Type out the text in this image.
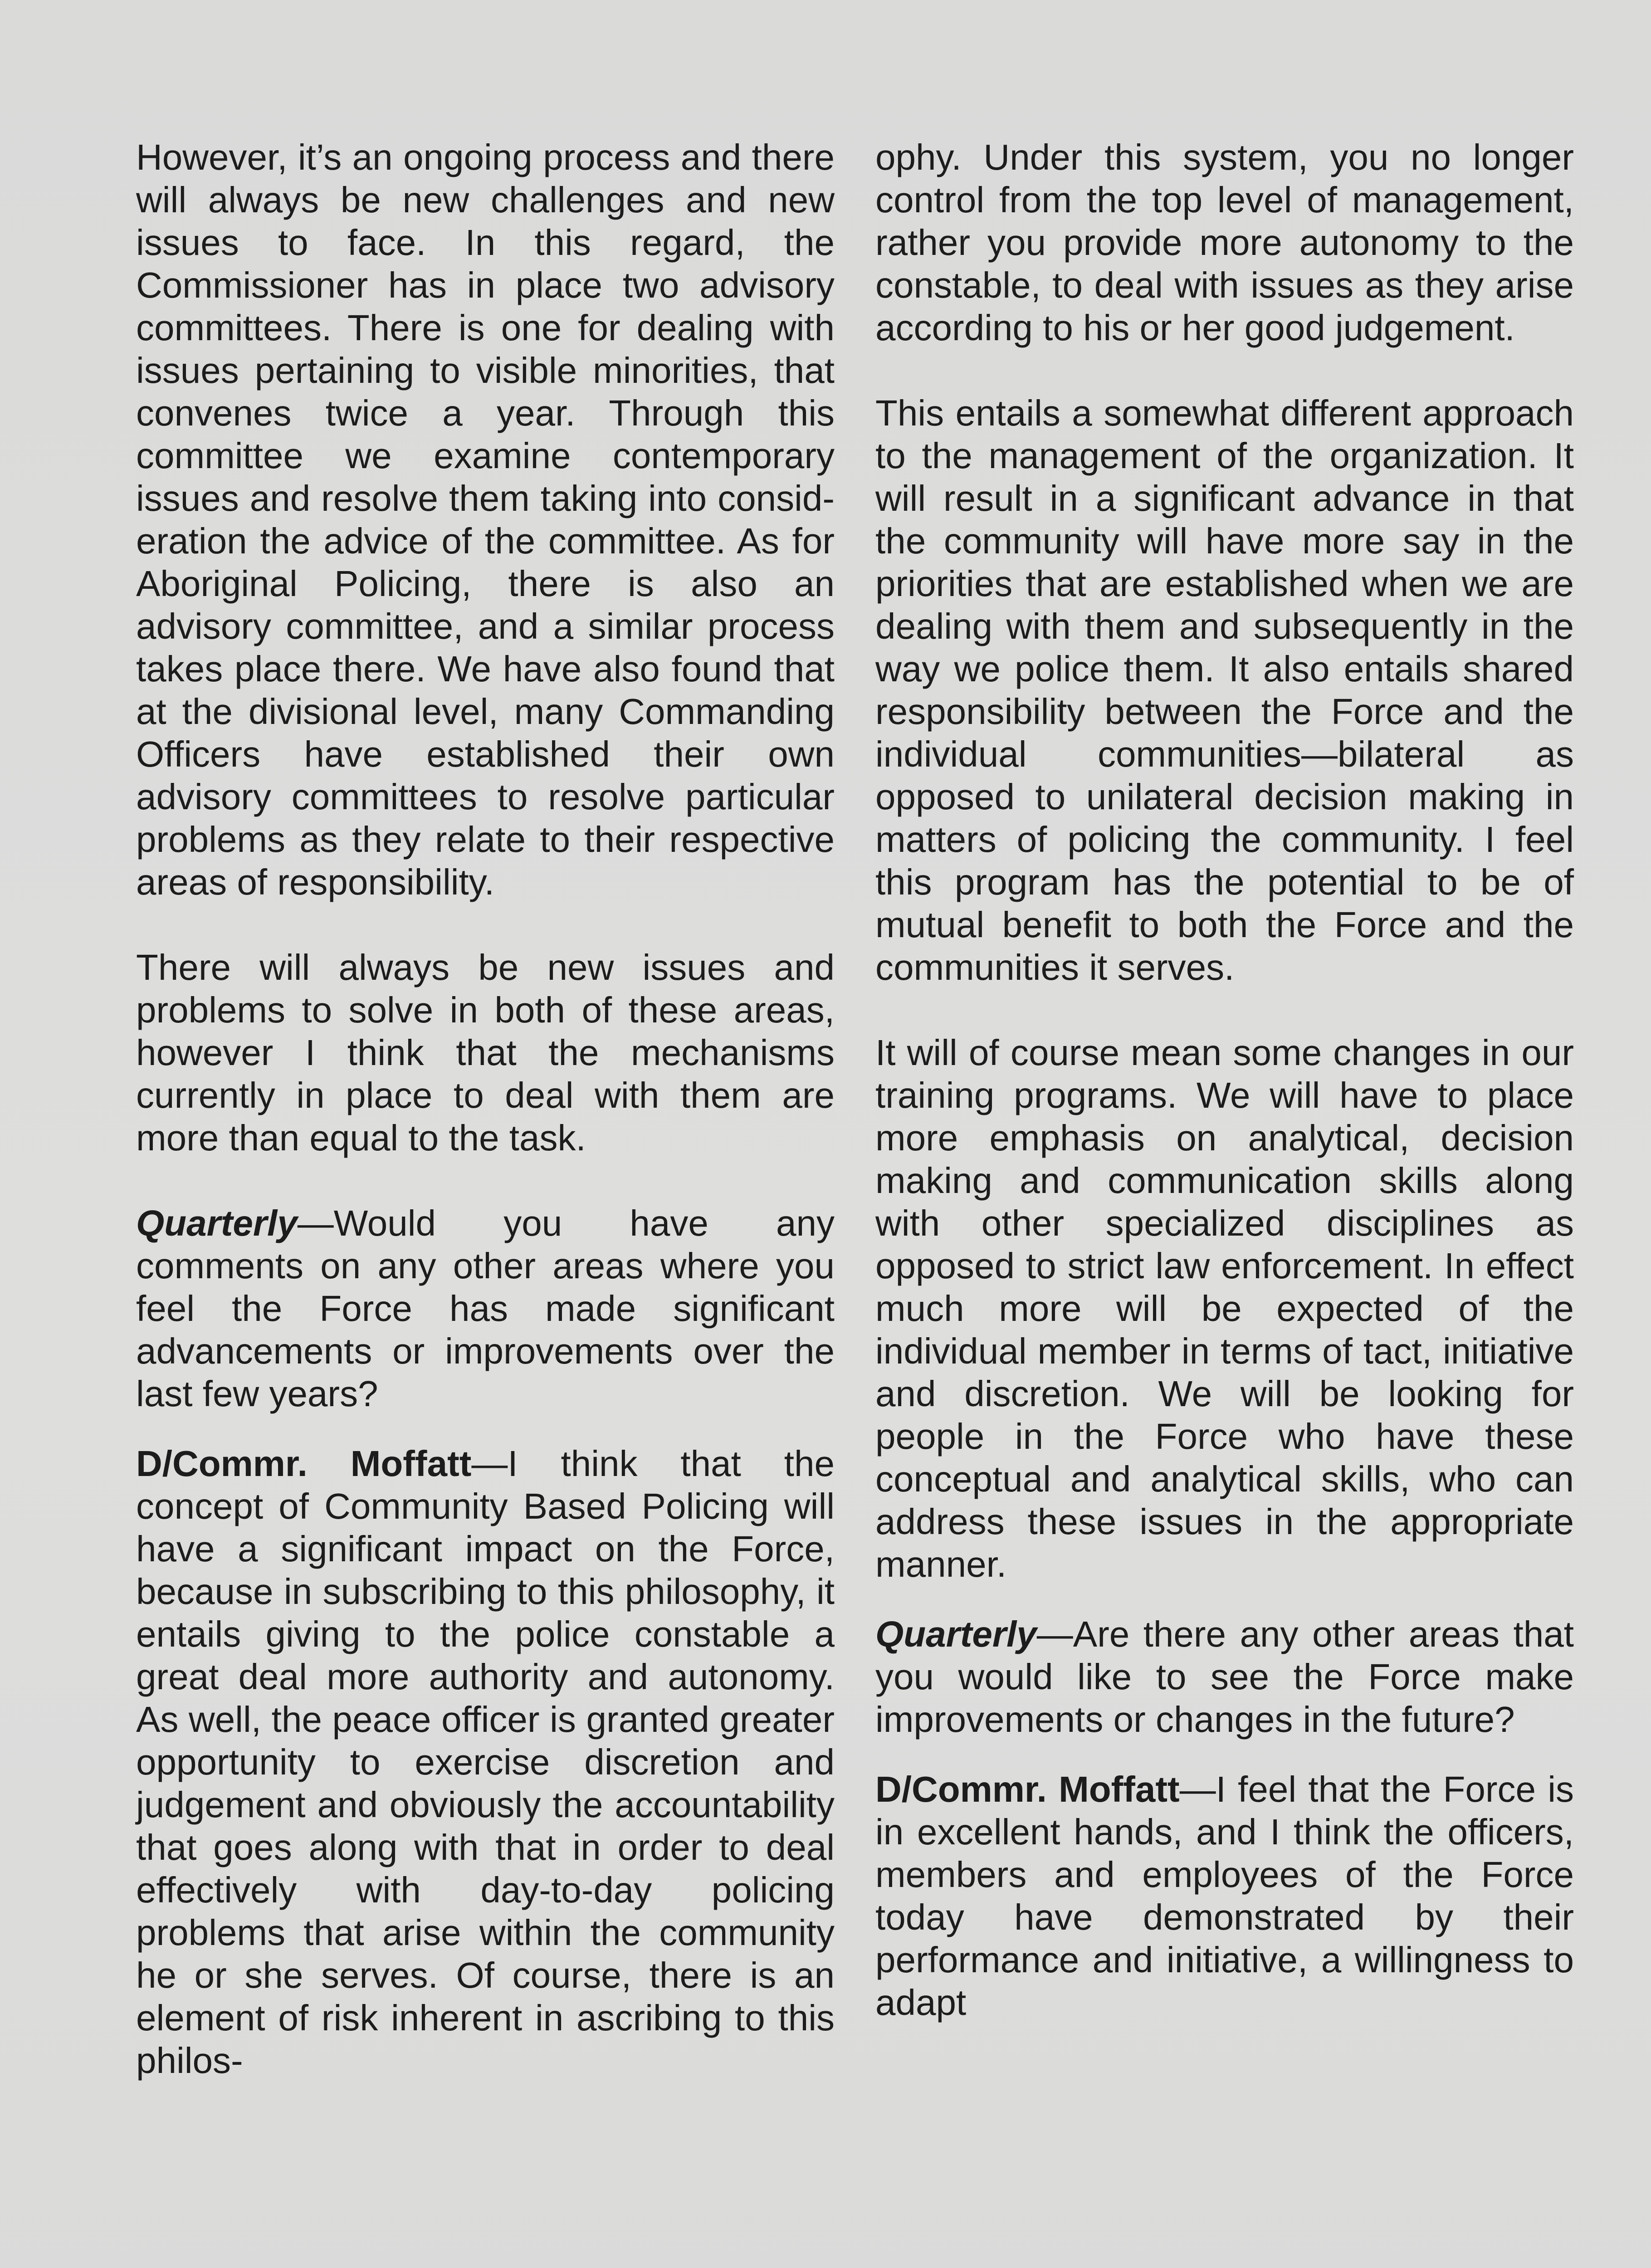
However, it’s an ongoing process and there will always be new challenges and new issues to face. In this regard, the Commissioner has in place two advisory committees. There is one for dealing with issues pertaining to visible minorities, that convenes twice a year. Through this committee we examine contemporary issues and resolve them taking into consideration the advice of the committee. As for Aboriginal Policing, there is also an advisory committee, and a similar process takes place there. We have also found that at the divisional level, many Commanding Officers have established their own advisory committees to resolve particular problems as they relate to their respective areas of responsibility.

There will always be new issues and problems to solve in both of these areas, however I think that the mechanisms currently in place to deal with them are more than equal to the task.

Quarterly—Would you have any comments on any other areas where you feel the Force has made significant advancements or improvements over the last few years?

D/Commr. Moffatt—I think that the concept of Community Based Policing will have a significant impact on the Force, because in subscribing to this philosophy, it entails giving to the police constable a great deal more authority and autonomy. As well, the peace officer is granted greater opportunity to exercise discretion and judgement and obviously the accountability that goes along with that in order to deal effectively with day-to-day policing problems that arise within the community he or she serves. Of course, there is an element of risk inherent in ascribing to this philos-

ophy. Under this system, you no longer control from the top level of management, rather you provide more autonomy to the constable, to deal with issues as they arise according to his or her good judgement.

This entails a somewhat different approach to the management of the organization. It will result in a significant advance in that the community will have more say in the priorities that are established when we are dealing with them and subsequently in the way we police them. It also entails shared responsibility between the Force and the individual communities—bilateral as opposed to unilateral decision making in matters of policing the community. I feel this program has the potential to be of mutual benefit to both the Force and the communities it serves.

It will of course mean some changes in our training programs. We will have to place more emphasis on analytical, decision making and communication skills along with other specialized disciplines as opposed to strict law enforcement. In effect much more will be expected of the individual member in terms of tact, initiative and discretion. We will be looking for people in the Force who have these conceptual and analytical skills, who can address these issues in the appropriate manner.

Quarterly—Are there any other areas that you would like to see the Force make improvements or changes in the future?

D/Commr. Moffatt—I feel that the Force is in excellent hands, and I think the officers, members and employees of the Force today have demonstrated by their performance and initiative, a willingness to adapt
